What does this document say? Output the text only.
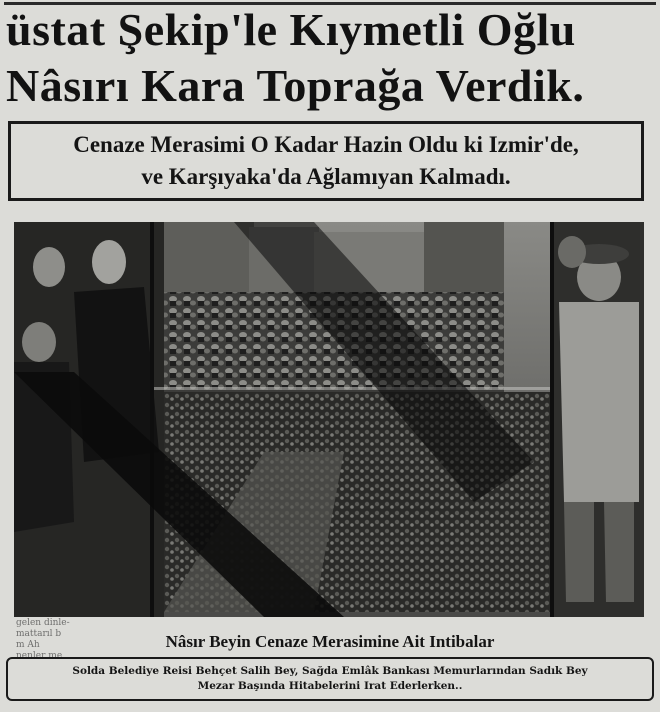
üstat Şekip'le Kıymetli Oğlu
Nâsırı Kara Toprağa Verdik.
Cenaze Merasimi O Kadar Hazin Oldu ki Izmir'de,
ve Karşıyaka'da Ağlamıyan Kalmadı.
gelen dinle-
mattarıl b
m Ah
nenler me
Nâsır Beyin Cenaze Merasimine Ait Intibalar
Solda Belediye Reisi Behçet Salih Bey, Sağda Emlâk Bankası Memurlarından Sadık Bey
Mezar Başında Hitabelerini Irat Ederlerken..
